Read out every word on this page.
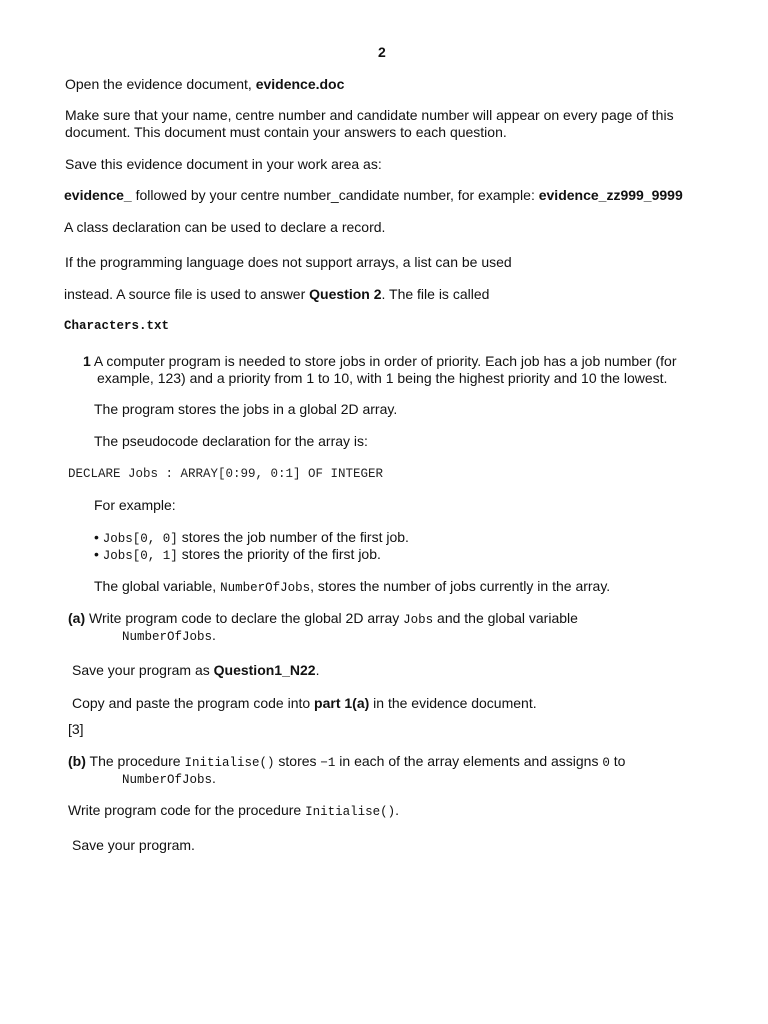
2
Open the evidence document, evidence.doc
Make sure that your name, centre number and candidate number will appear on every page of this
document. This document must contain your answers to each question.
Save this evidence document in your work area as:
evidence_ followed by your centre number_candidate number, for example: evidence_zz999_9999
A class declaration can be used to declare a record.
If the programming language does not support arrays, a list can be used
instead. A source file is used to answer Question 2. The file is called
Characters.txt
1 A computer program is needed to store jobs in order of priority. Each job has a job number (for
example, 123) and a priority from 1 to 10, with 1 being the highest priority and 10 the lowest.
The program stores the jobs in a global 2D array.
The pseudocode declaration for the array is:
DECLARE Jobs : ARRAY[0:99, 0:1] OF INTEGER
For example:
• Jobs[0, 0] stores the job number of the first job.
• Jobs[0, 1] stores the priority of the first job.
The global variable, NumberOfJobs, stores the number of jobs currently in the array.
(a) Write program code to declare the global 2D array Jobs and the global variable
NumberOfJobs.
Save your program as Question1_N22.
Copy and paste the program code into part 1(a) in the evidence document.
[3]
(b) The procedure Initialise() stores −1 in each of the array elements and assigns 0 to
NumberOfJobs.
Write program code for the procedure Initialise().
Save your program.
